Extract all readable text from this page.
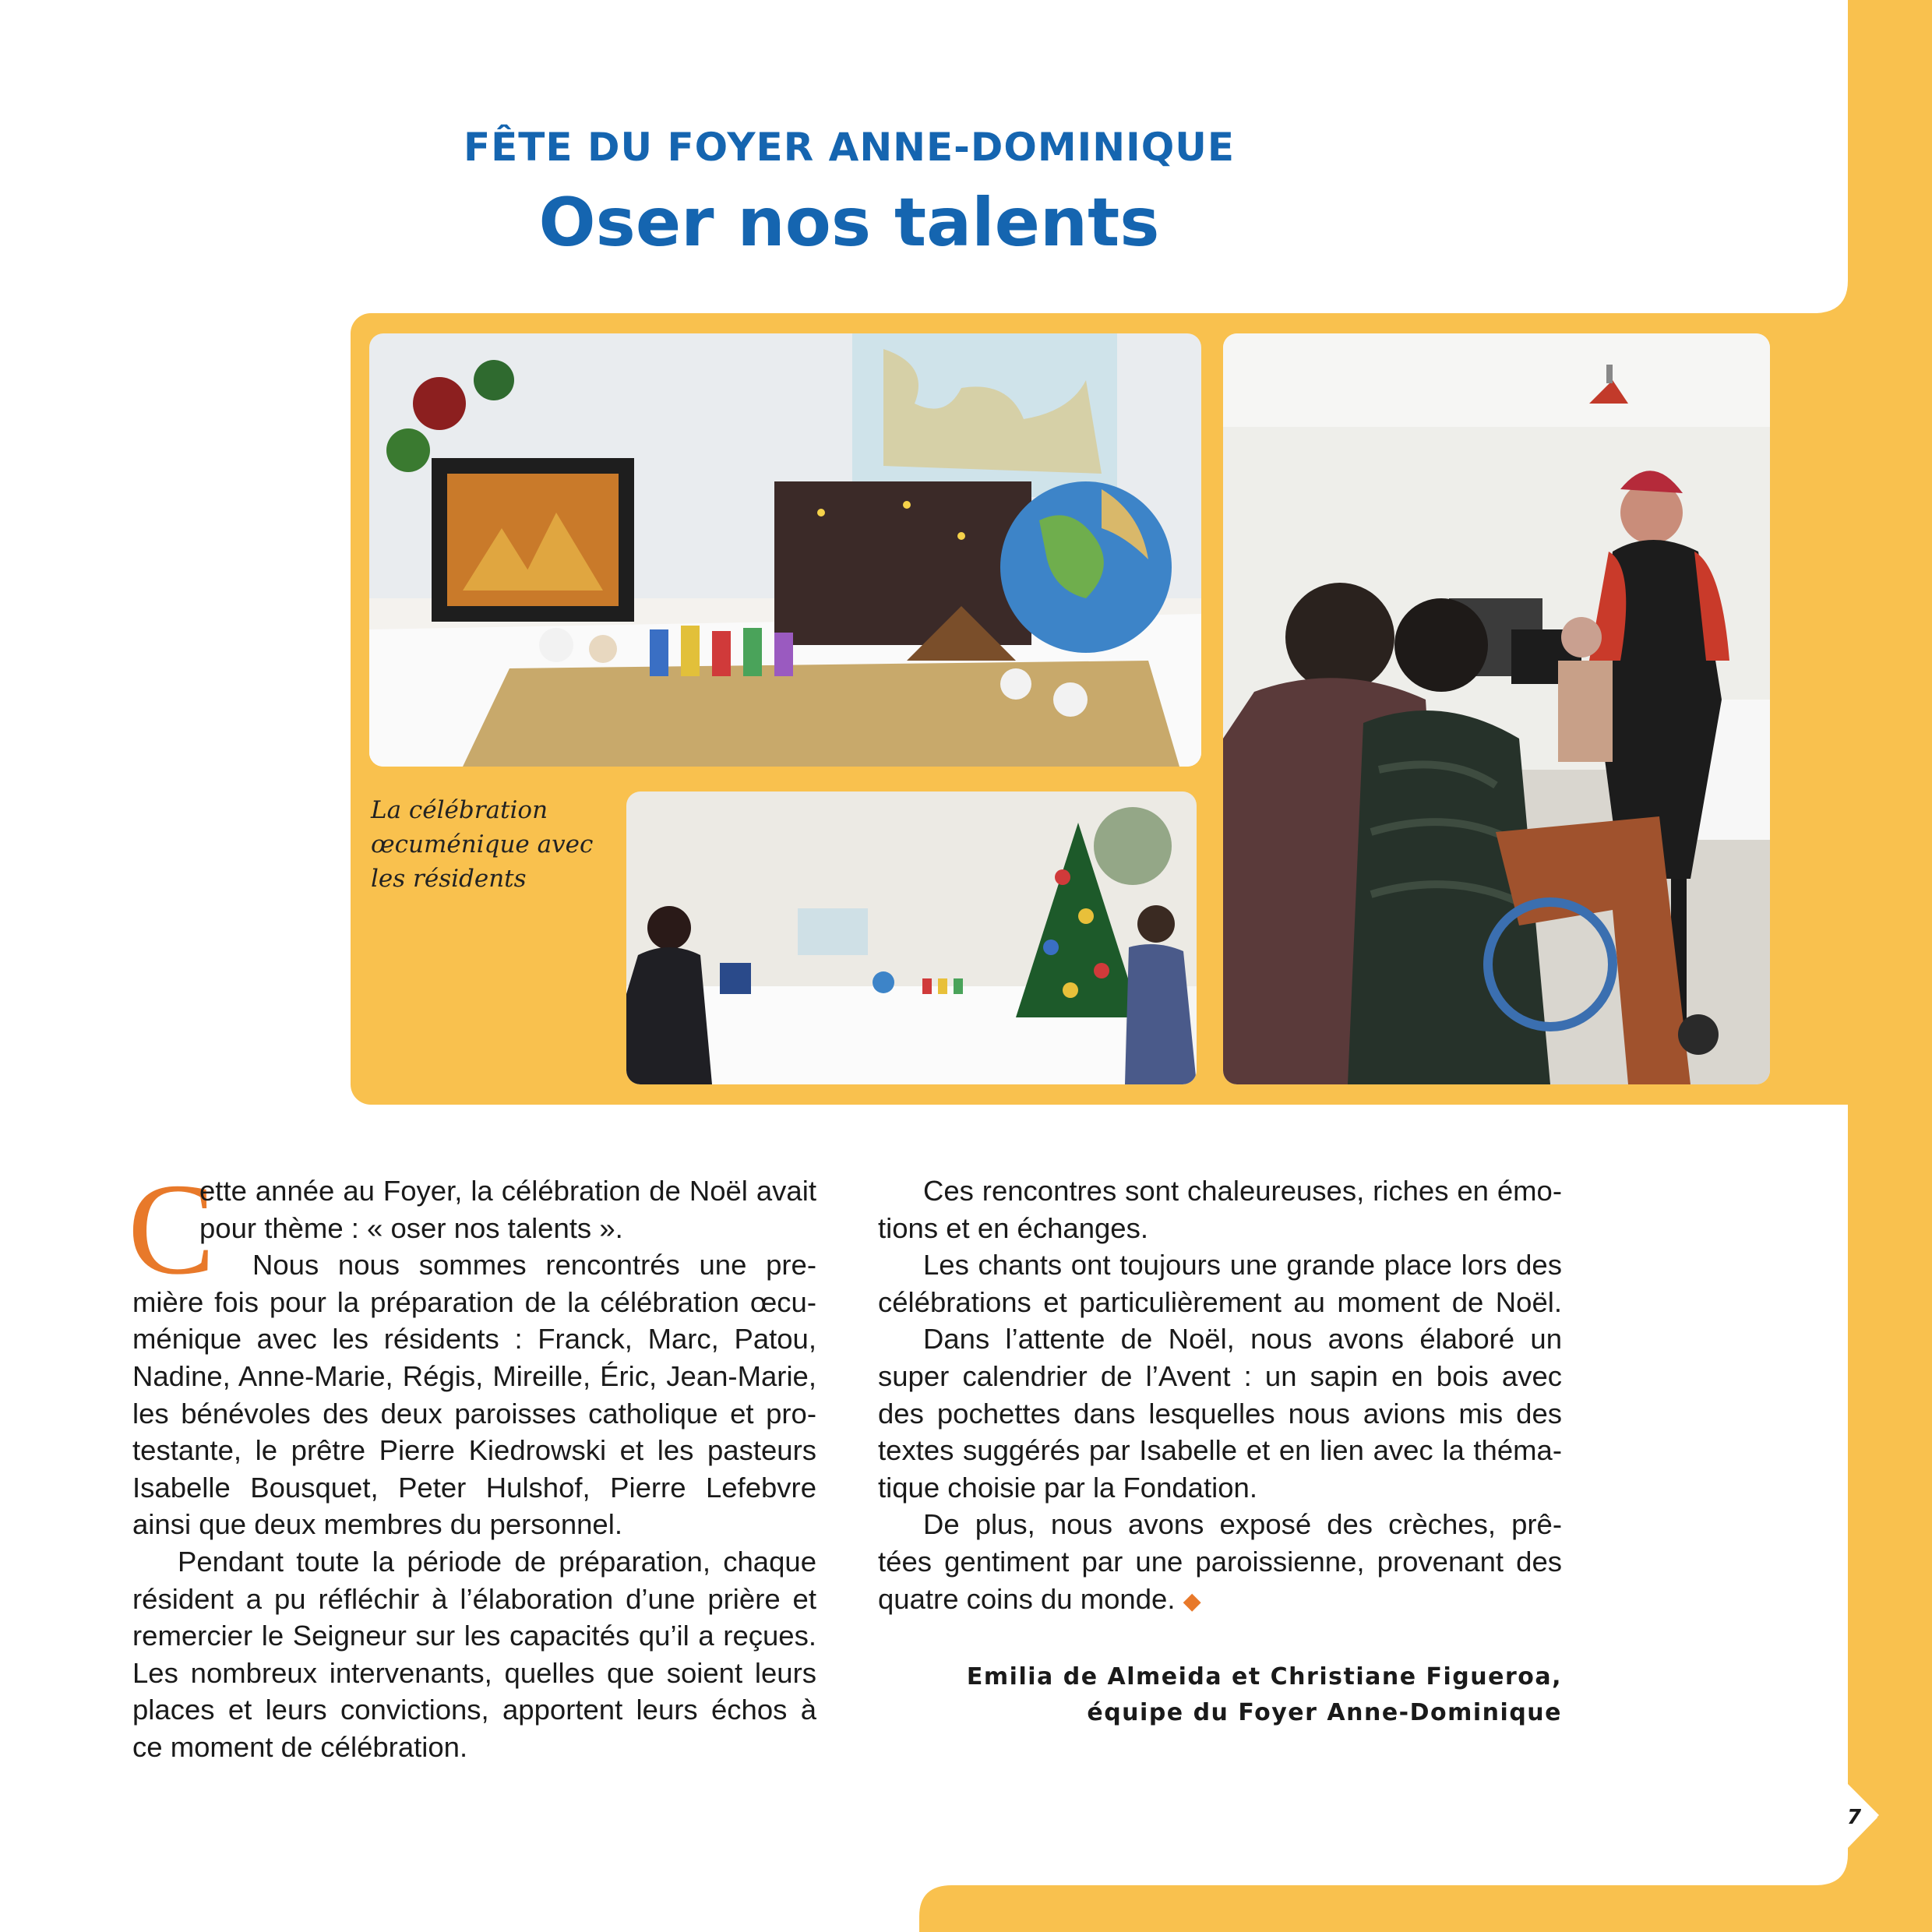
FÊTE DU FOYER ANNE-DOMINIQUE
Oser nos talents
La célébration
œcuménique avec
les résidents
C
ette année au Foyer, la célébration de Noël avait
pour thème : « oser nos talents ».
Nous nous sommes rencontrés une pre-
mière fois pour la préparation de la célébration œcu-
ménique avec les résidents : Franck, Marc, Patou,
Nadine, Anne-Marie, Régis, Mireille, Éric, Jean-Marie,
les bénévoles des deux paroisses catholique et pro-
testante, le prêtre Pierre Kiedrowski et les pasteurs
Isabelle Bousquet, Peter Hulshof, Pierre Lefebvre
ainsi que deux membres du personnel.
Pendant toute la période de préparation, chaque
résident a pu réfléchir à l’élaboration d’une prière et
remercier le Seigneur sur les capacités qu’il a reçues.
Les nombreux intervenants, quelles que soient leurs
places et leurs convictions, apportent leurs échos à
ce moment de célébration.
Ces rencontres sont chaleureuses, riches en émo-
tions et en échanges.
Les chants ont toujours une grande place lors des
célébrations et particulièrement au moment de Noël.
Dans l’attente de Noël, nous avons élaboré un
super calendrier de l’Avent : un sapin en bois avec
des pochettes dans lesquelles nous avions mis des
textes suggérés par Isabelle et en lien avec la théma-
tique choisie par la Fondation.
De plus, nous avons exposé des crèches, prê-
tées gentiment par une paroissienne, provenant des
quatre coins du monde. ◆
Emilia de Almeida et Christiane Figueroa,
équipe du Foyer Anne-Dominique
7
